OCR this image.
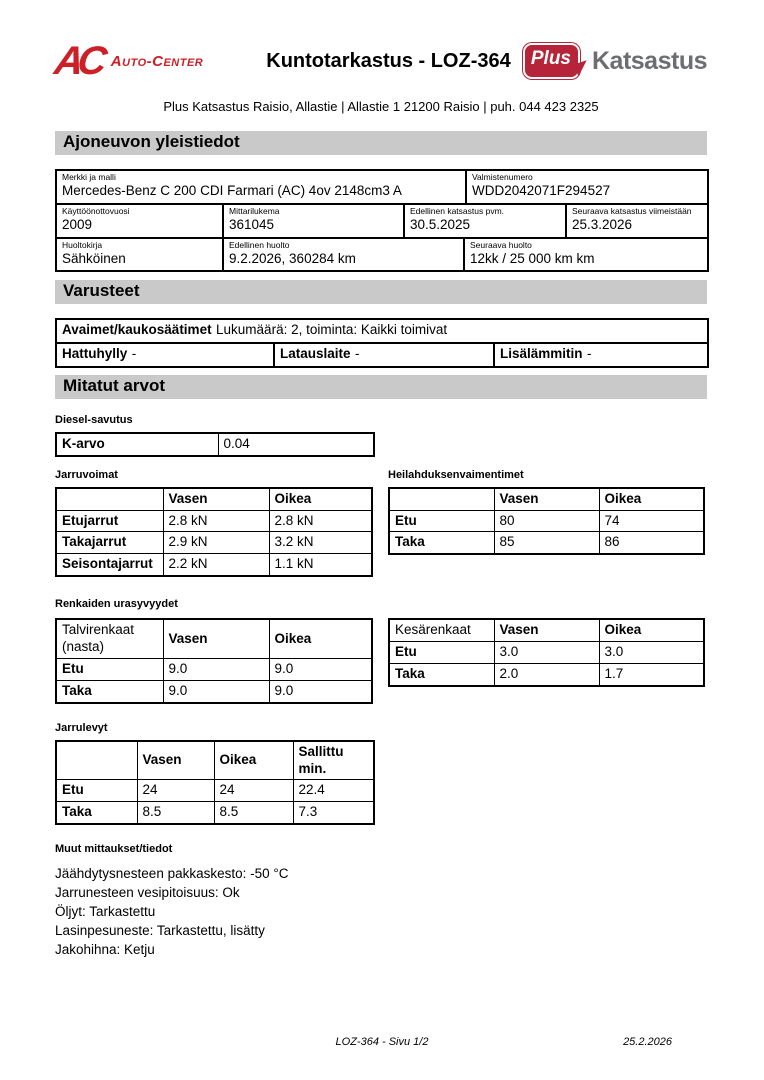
AC Auto-Center	Kuntotarkastus - LOZ-364	Plus Katsastus
Plus Katsastus Raisio, Allastie | Allastie 1 21200 Raisio | puh. 044 423 2325
Ajoneuvon yleistiedot
Merkki ja malli
Mercedes-Benz C 200 CDI Farmari (AC) 4ov 2148cm3 A

Valmistenumero
WDD2042071F294527
Käyttöönottovuosi
2009

Mittarilukema
361045

Edellinen katsastus pvm.
30.5.2025

Seuraava katsastus viimeistään
25.3.2026
Huoltokirja
Sähköinen

Edellinen huolto
9.2.2026, 360284 km

Seuraava huolto
12kk / 25 000 km km
Varusteet
Avaimet/kaukosäätimet Lukumäärä: 2, toiminta: Kaikki toimivat
Hattuhylly -	Latauslaite -	Lisälämmitin -
Mitatut arvot
Diesel-savutus
K-arvo	0.04
Jarruvoimat
	Vasen	Oikea
Etujarrut	2.8 kN	2.8 kN
Takajarrut	2.9 kN	3.2 kN
Seisontajarrut	2.2 kN	1.1 kN
Heilahduksenvaimentimet
	Vasen	Oikea
Etu	80	74
Taka	85	86
Renkaiden urasyvyydet
Talvirenkaat (nasta)	Vasen	Oikea
Etu	9.0	9.0
Taka	9.0	9.0
Kesärenkaat	Vasen	Oikea
Etu	3.0	3.0
Taka	2.0	1.7
Jarrulevyt
	Vasen	Oikea	Sallittu min.
Etu	24	24	22.4
Taka	8.5	8.5	7.3
Muut mittaukset/tiedot
Jäähdytysnesteen pakkaskesto: -50 °C
Jarrunesteen vesipitoisuus: Ok
Öljyt: Tarkastettu
Lasinpesuneste: Tarkastettu, lisätty
Jakohihna: Ketju
LOZ-364 - Sivu 1/2	25.2.2026
